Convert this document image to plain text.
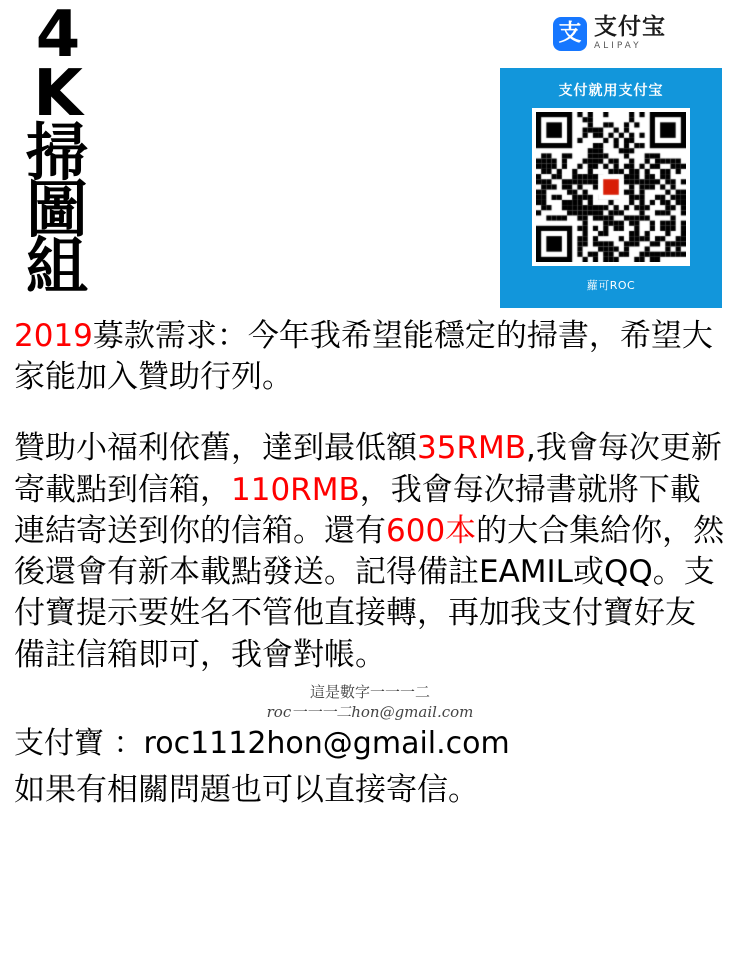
4
K
掃
圖
組
支 支付宝
ALIPAY
支付就用支付宝
蘿可ROC

2019募款需求：今年我希望能穩定的掃書，希望大家能加入贊助行列。

贊助小福利依舊，達到最低額35RMB,我會每次更新寄載點到信箱，110RMB，我會每次掃書就將下載連結寄送到你的信箱。還有600本的大合集給你，然後還會有新本載點發送。記得備註EAMIL或QQ。支付寶提示要姓名不管他直接轉，再加我支付寶好友備註信箱即可，我會對帳。

這是數字一一一二
roc一一一二hon@gmail.com

支付寶 ：roc1112hon@gmail.com

如果有相關問題也可以直接寄信。
